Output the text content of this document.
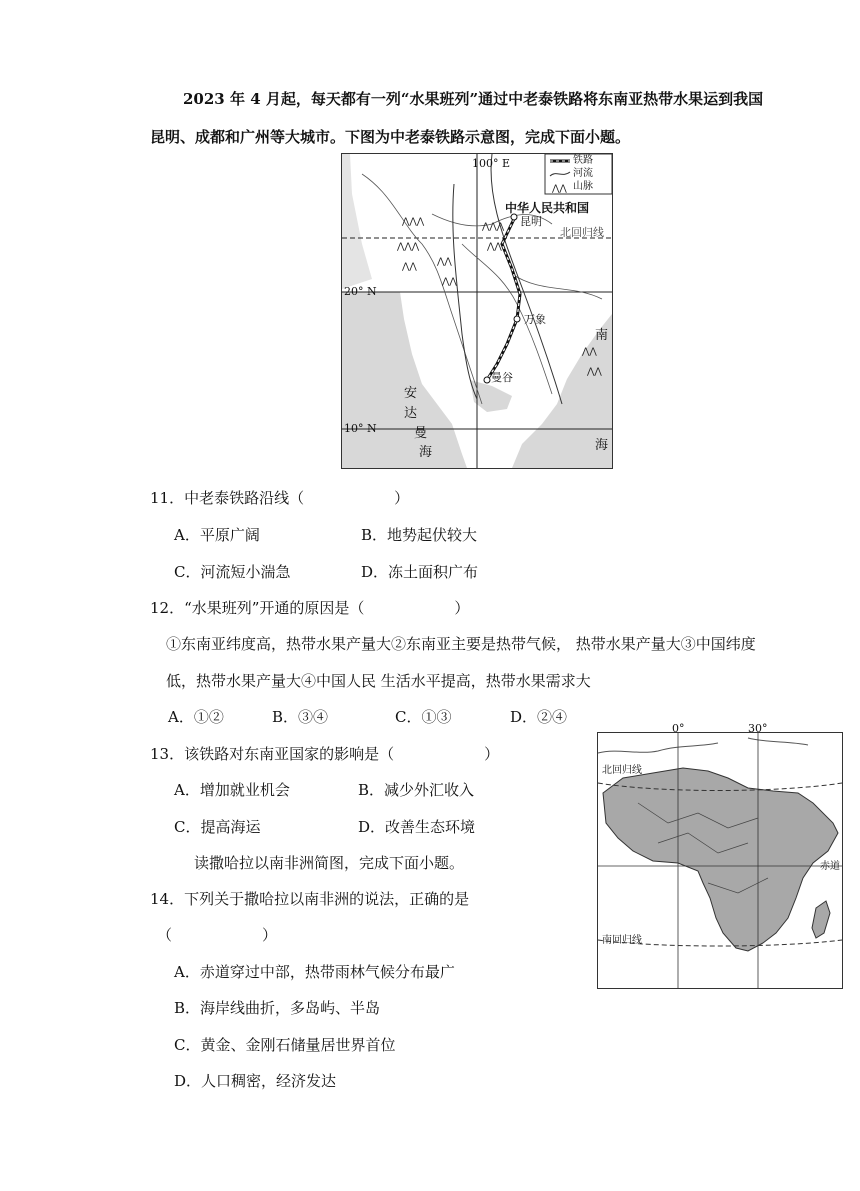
2023 年 4 月起，每天都有一列“水果班列”通过中老泰铁路将东南亚热带水果运到我国
昆明、成都和广州等大城市。下图为中老泰铁路示意图，完成下面小题。
⋀⋀⋀
⋀⋀⋀
⋀⋀ ⋀⋀
⋀⋀
⋀⋀⋀
⋀⋀
⋀⋀
⋀⋀
⋀⋀
铁路
河流
山脉
100° E
中华人民共和国
昆明
北回归线
20° N
10° N
万象
曼谷
安
达
曼
海
南
海
11．中老泰铁路沿线（　　　　　　）
A．平原广阔	B．地势起伏较大
C．河流短小湍急	D．冻土面积广布
12．“水果班列”开通的原因是（　　　　　　）
①东南亚纬度高，热带水果产量大②东南亚主要是热带气候， 热带水果产量大③中国纬度
低，热带水果产量大④中国人民 生活水平提高，热带水果需求大
A．①②	B．③④	C．①③	D．②④
13．该铁路对东南亚国家的影响是（　　　　　　）
A．增加就业机会	B．减少外汇收入
C．提高海运	D．改善生态环境
读撒哈拉以南非洲简图，完成下面小题。
14．下列关于撒哈拉以南非洲的说法，正确的是
（　　　　　　）
A．赤道穿过中部，热带雨林气候分布最广
B．海岸线曲折，多岛屿、半岛
C．黄金、金刚石储量居世界首位
D．人口稠密，经济发达
0°	30°
北回归线
赤道
南回归线
